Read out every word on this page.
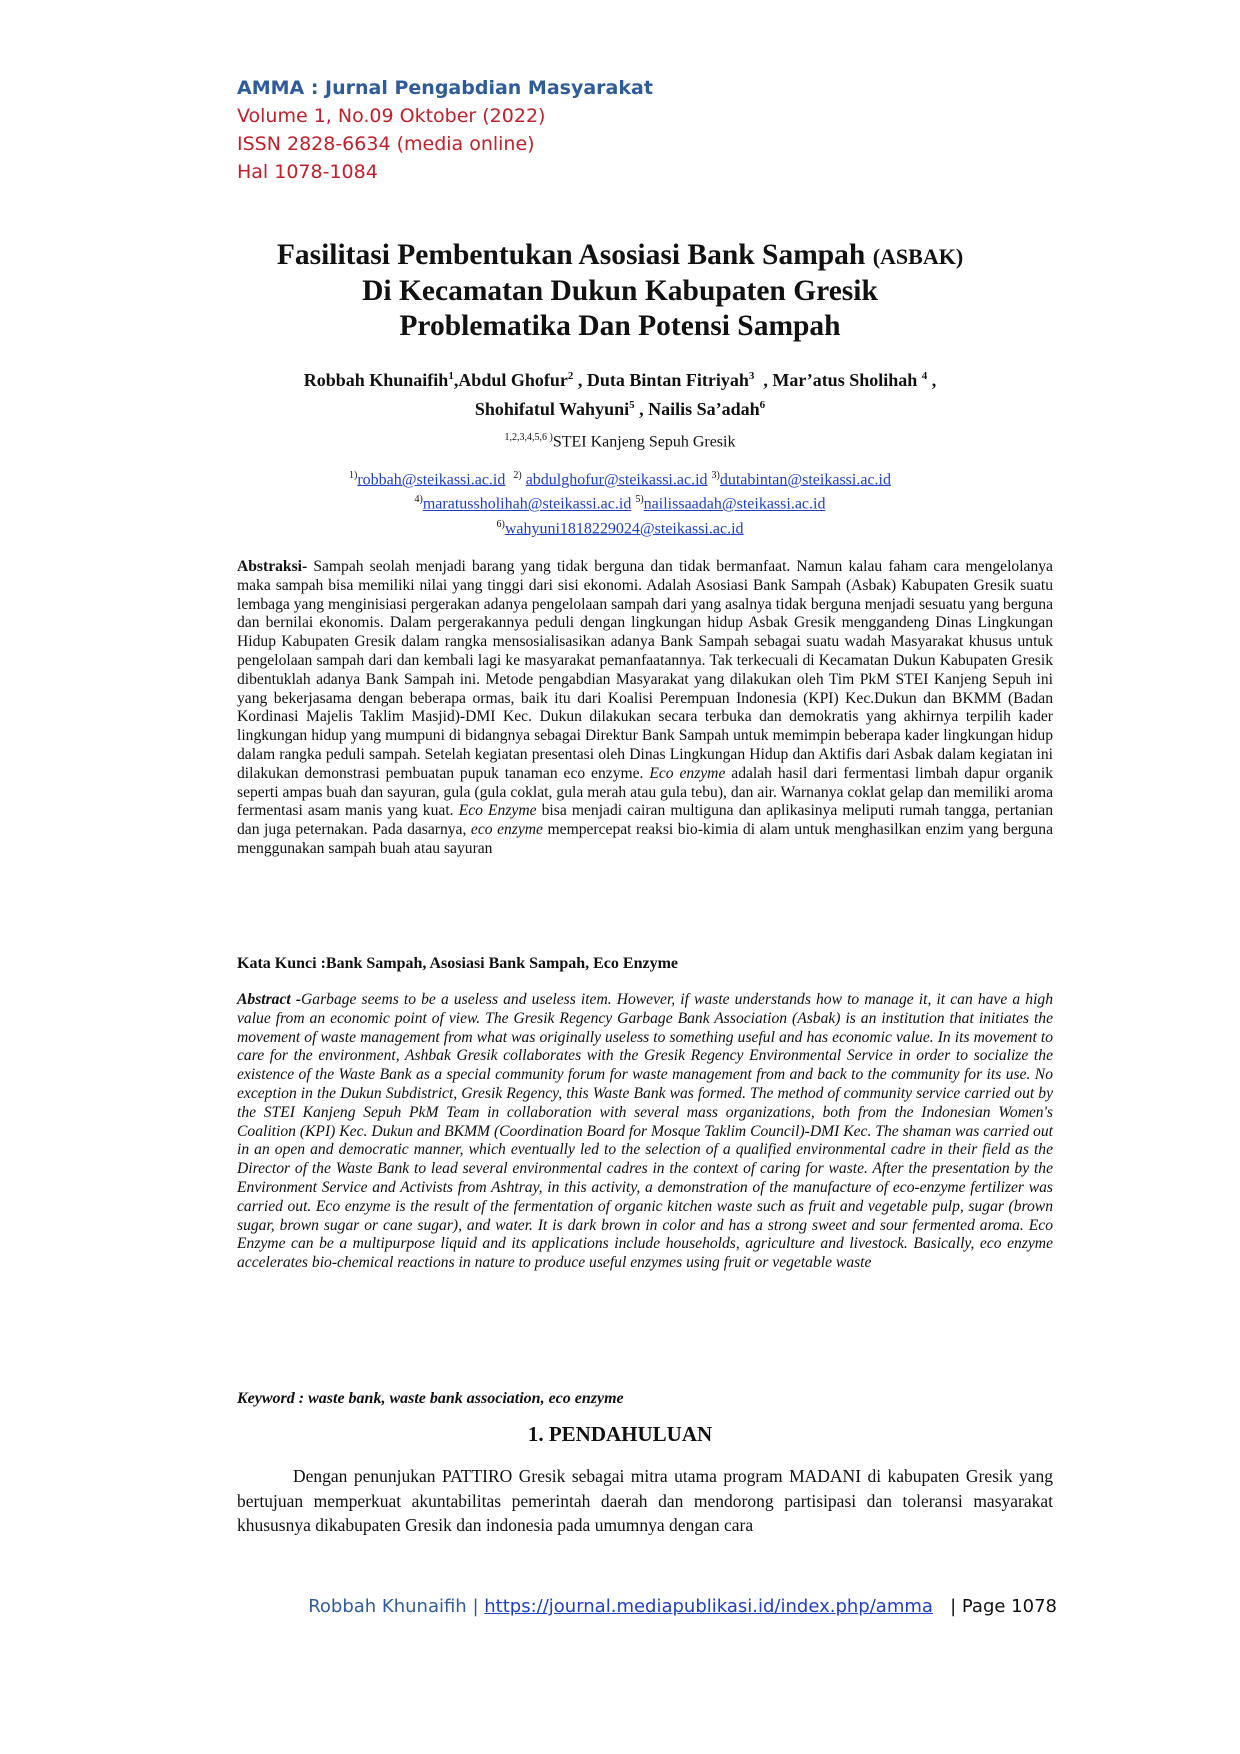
AMMA : Jurnal Pengabdian Masyarakat
Volume 1, No.09 Oktober (2022)
ISSN 2828-6634 (media online)
Hal 1078-1084
Fasilitasi Pembentukan Asosiasi Bank Sampah (ASBAK)
Di Kecamatan Dukun Kabupaten Gresik
Problematika Dan Potensi Sampah
Robbah Khunaifih$^1$,Abdul Ghofur$^2$ , Duta Bintan Fitriyah$^3$  , Mar’atus Sholihah $^4$ ,
Shohifatul Wahyuni$^5$ , Nailis Sa’adah$^6$
$^{1,2,3,4,5,6 )}$STEI Kanjeng Sepuh Gresik
$^{1)}$robbah@steikassi.ac.id $^{2)}$ abdulghofur@steikassi.ac.id $^{3)}$dutabintan@steikassi.ac.id
$^{4)}$maratussholihah@steikassi.ac.id $^{5)}$nailissaadah@steikassi.ac.id
$^{6)}$wahyuni1818229024@steikassi.ac.id
Abstraksi- Sampah seolah menjadi barang yang tidak berguna dan tidak bermanfaat. Namun kalau faham cara mengelolanya maka sampah bisa memiliki nilai yang tinggi dari sisi ekonomi. Adalah Asosiasi Bank Sampah (Asbak) Kabupaten Gresik suatu lembaga yang menginisiasi pergerakan adanya pengelolaan sampah dari yang asalnya tidak berguna menjadi sesuatu yang berguna dan bernilai ekonomis. Dalam pergerakannya peduli dengan lingkungan hidup Asbak Gresik menggandeng Dinas Lingkungan Hidup Kabupaten Gresik dalam rangka mensosialisasikan adanya Bank Sampah sebagai suatu wadah Masyarakat khusus untuk pengelolaan sampah dari dan kembali lagi ke masyarakat pemanfaatannya. Tak terkecuali di Kecamatan Dukun Kabupaten Gresik dibentuklah adanya Bank Sampah ini. Metode pengabdian Masyarakat yang dilakukan oleh Tim PkM STEI Kanjeng Sepuh ini yang bekerjasama dengan beberapa ormas, baik itu dari Koalisi Perempuan Indonesia (KPI) Kec.Dukun dan BKMM (Badan Kordinasi Majelis Taklim Masjid)-DMI Kec. Dukun dilakukan secara terbuka dan demokratis yang akhirnya terpilih kader lingkungan hidup yang mumpuni di bidangnya sebagai Direktur Bank Sampah untuk memimpin beberapa kader lingkungan hidup dalam rangka peduli sampah. Setelah kegiatan presentasi oleh Dinas Lingkungan Hidup dan Aktifis dari Asbak dalam kegiatan ini dilakukan demonstrasi pembuatan pupuk tanaman eco enzyme. Eco enzyme adalah hasil dari fermentasi limbah dapur organik seperti ampas buah dan sayuran, gula (gula coklat, gula merah atau gula tebu), dan air. Warnanya coklat gelap dan memiliki aroma fermentasi asam manis yang kuat. Eco Enzyme bisa menjadi cairan multiguna dan aplikasinya meliputi rumah tangga, pertanian dan juga peternakan. Pada dasarnya, eco enzyme mempercepat reaksi bio-kimia di alam untuk menghasilkan enzim yang berguna menggunakan sampah buah atau sayuran
Kata Kunci :Bank Sampah, Asosiasi Bank Sampah, Eco Enzyme
Abstract -Garbage seems to be a useless and useless item. However, if waste understands how to manage it, it can have a high value from an economic point of view. The Gresik Regency Garbage Bank Association (Asbak) is an institution that initiates the movement of waste management from what was originally useless to something useful and has economic value. In its movement to care for the environment, Ashbak Gresik collaborates with the Gresik Regency Environmental Service in order to socialize the existence of the Waste Bank as a special community forum for waste management from and back to the community for its use. No exception in the Dukun Subdistrict, Gresik Regency, this Waste Bank was formed. The method of community service carried out by the STEI Kanjeng Sepuh PkM Team in collaboration with several mass organizations, both from the Indonesian Women's Coalition (KPI) Kec. Dukun and BKMM (Coordination Board for Mosque Taklim Council)-DMI Kec. The shaman was carried out in an open and democratic manner, which eventually led to the selection of a qualified environmental cadre in their field as the Director of the Waste Bank to lead several environmental cadres in the context of caring for waste. After the presentation by the Environment Service and Activists from Ashtray, in this activity, a demonstration of the manufacture of eco-enzyme fertilizer was carried out. Eco enzyme is the result of the fermentation of organic kitchen waste such as fruit and vegetable pulp, sugar (brown sugar, brown sugar or cane sugar), and water. It is dark brown in color and has a strong sweet and sour fermented aroma. Eco Enzyme can be a multipurpose liquid and its applications include households, agriculture and livestock. Basically, eco enzyme accelerates bio-chemical reactions in nature to produce useful enzymes using fruit or vegetable waste
Keyword : waste bank, waste bank association, eco enzyme
1. PENDAHULUAN
Dengan penunjukan PATTIRO Gresik sebagai mitra utama program MADANI di kabupaten Gresik yang bertujuan memperkuat akuntabilitas pemerintah daerah dan mendorong partisipasi dan toleransi masyarakat khususnya dikabupaten Gresik dan indonesia pada umumnya dengan cara
Robbah Khunaifih | https://journal.mediapublikasi.id/index.php/amma | Page 1078
